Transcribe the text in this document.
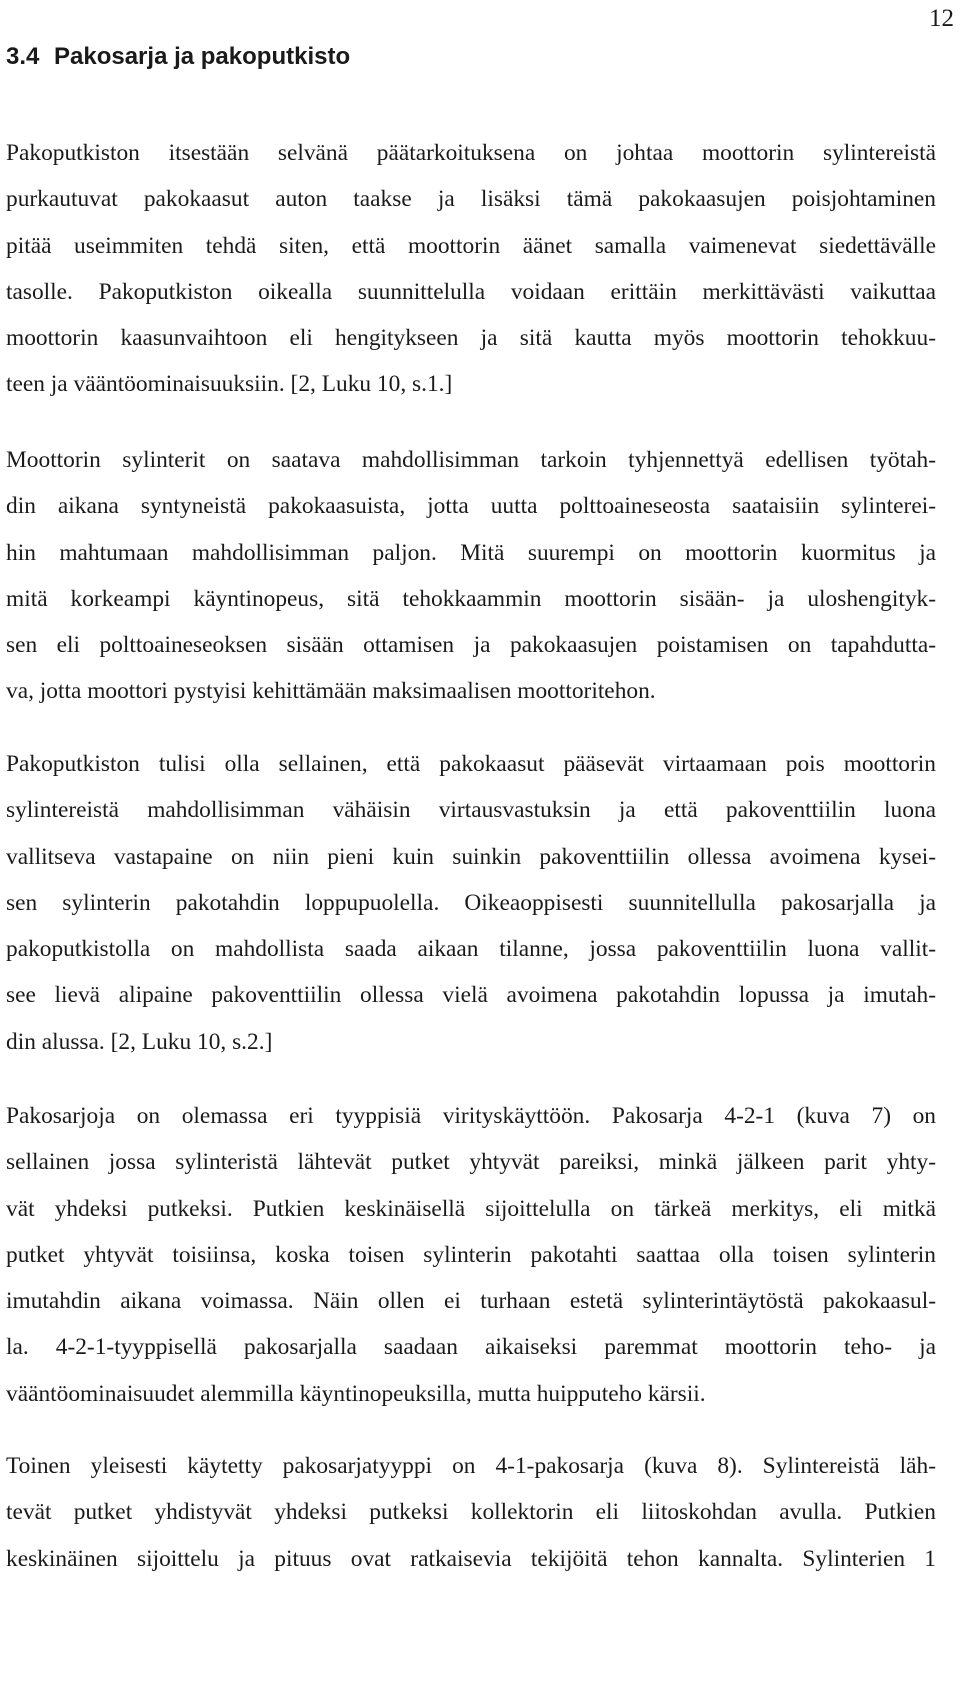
12
3.4 Pakosarja ja pakoputkisto
Pakoputkiston itsestään selvänä päätarkoituksena on johtaa moottorin sylintereistä
purkautuvat pakokaasut auton taakse ja lisäksi tämä pakokaasujen poisjohtaminen
pitää useimmiten tehdä siten, että moottorin äänet samalla vaimenevat siedettävälle
tasolle. Pakoputkiston oikealla suunnittelulla voidaan erittäin merkittävästi vaikuttaa
moottorin kaasunvaihtoon eli hengitykseen ja sitä kautta myös moottorin tehokkuu-
teen ja vääntöominaisuuksiin. [2, Luku 10, s.1.]
Moottorin sylinterit on saatava mahdollisimman tarkoin tyhjennettyä edellisen työtah-
din aikana syntyneistä pakokaasuista, jotta uutta polttoaineseosta saataisiin sylinterei-
hin mahtumaan mahdollisimman paljon. Mitä suurempi on moottorin kuormitus ja
mitä korkeampi käyntinopeus, sitä tehokkaammin moottorin sisään- ja uloshengityk-
sen eli polttoaineseoksen sisään ottamisen ja pakokaasujen poistamisen on tapahdutta-
va, jotta moottori pystyisi kehittämään maksimaalisen moottoritehon.
Pakoputkiston tulisi olla sellainen, että pakokaasut pääsevät virtaamaan pois moottorin
sylintereistä mahdollisimman vähäisin virtausvastuksin ja että pakoventtiilin luona
vallitseva vastapaine on niin pieni kuin suinkin pakoventtiilin ollessa avoimena kysei-
sen sylinterin pakotahdin loppupuolella. Oikeaoppisesti suunnitellulla pakosarjalla ja
pakoputkistolla on mahdollista saada aikaan tilanne, jossa pakoventtiilin luona vallit-
see lievä alipaine pakoventtiilin ollessa vielä avoimena pakotahdin lopussa ja imutah-
din alussa. [2, Luku 10, s.2.]
Pakosarjoja on olemassa eri tyyppisiä virityskäyttöön. Pakosarja 4-2-1 (kuva 7) on
sellainen jossa sylinteristä lähtevät putket yhtyvät pareiksi, minkä jälkeen parit yhty-
vät yhdeksi putkeksi. Putkien keskinäisellä sijoittelulla on tärkeä merkitys, eli mitkä
putket yhtyvät toisiinsa, koska toisen sylinterin pakotahti saattaa olla toisen sylinterin
imutahdin aikana voimassa. Näin ollen ei turhaan estetä sylinterintäytöstä pakokaasul-
la. 4-2-1-tyyppisellä pakosarjalla saadaan aikaiseksi paremmat moottorin teho- ja
vääntöominaisuudet alemmilla käyntinopeuksilla, mutta huipputeho kärsii.
Toinen yleisesti käytetty pakosarjatyyppi on 4-1-pakosarja (kuva 8). Sylintereistä läh-
tevät putket yhdistyvät yhdeksi putkeksi kollektorin eli liitoskohdan avulla. Putkien
keskinäinen sijoittelu ja pituus ovat ratkaisevia tekijöitä tehon kannalta. Sylinterien 1
